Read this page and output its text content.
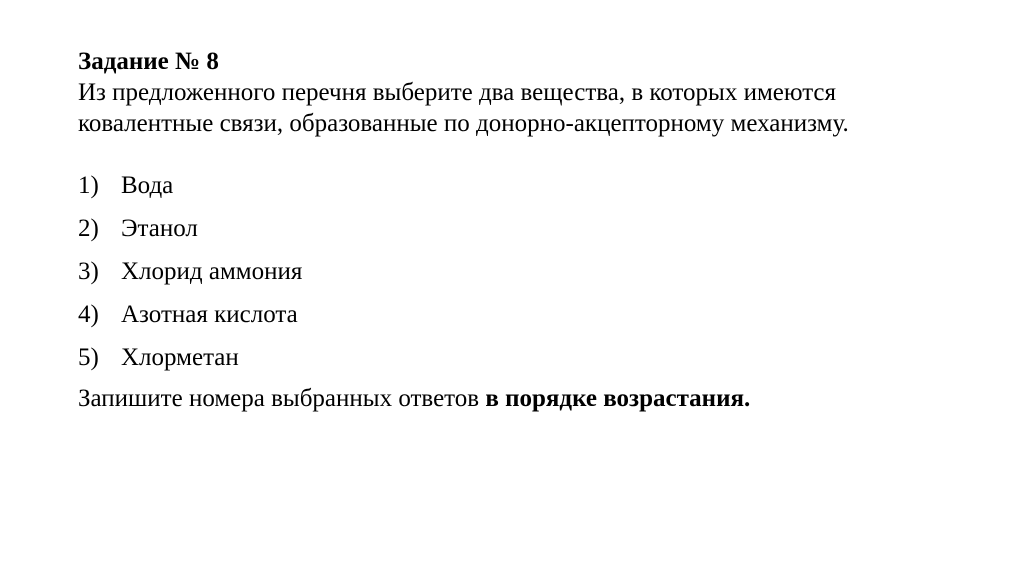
Задание № 8

Из предложенного перечня выберите два вещества, в которых имеются ковалентные связи, образованные по донорно-акцепторному механизму.

1) Вода
2) Этанол
3) Хлорид аммония
4) Азотная кислота
5) Хлорметан

Запишите номера выбранных ответов в порядке возрастания.
